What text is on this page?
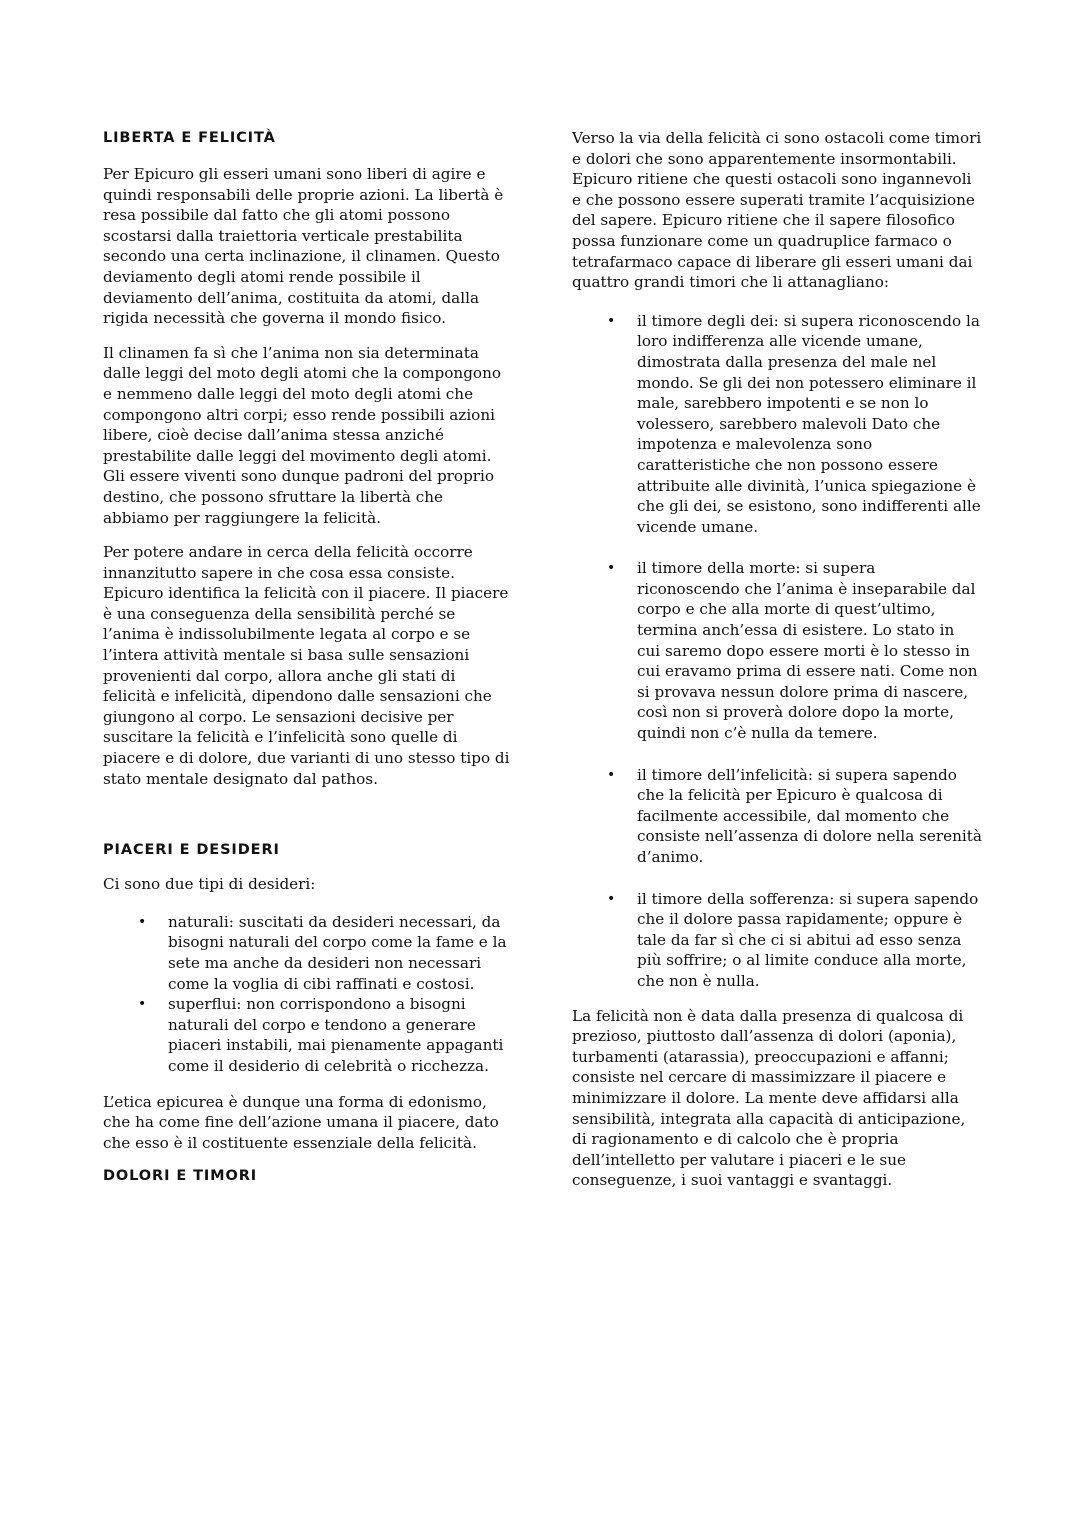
LIBERTA E FELICITÀ

Per Epicuro gli esseri umani sono liberi di agire e quindi responsabili delle proprie azioni. La libertà è resa possibile dal fatto che gli atomi possono scostarsi dalla traiettoria verticale prestabilita secondo una certa inclinazione, il clinamen. Questo deviamento degli atomi rende possibile il deviamento dell’anima, costituita da atomi, dalla rigida necessità che governa il mondo fisico.

Il clinamen fa sì che l’anima non sia determinata dalle leggi del moto degli atomi che la compongono e nemmeno dalle leggi del moto degli atomi che compongono altri corpi; esso rende possibili azioni libere, cioè decise dall’anima stessa anziché prestabilite dalle leggi del movimento degli atomi. Gli essere viventi sono dunque padroni del proprio destino, che possono sfruttare la libertà che abbiamo per raggiungere la felicità.

Per potere andare in cerca della felicità occorre innanzitutto sapere in che cosa essa consiste. Epicuro identifica la felicità con il piacere. Il piacere è una conseguenza della sensibilità perché se l’anima è indissolubilmente legata al corpo e se l’intera attività mentale si basa sulle sensazioni provenienti dal corpo, allora anche gli stati di felicità e infelicità, dipendono dalle sensazioni che giungono al corpo. Le sensazioni decisive per suscitare la felicità e l’infelicità sono quelle di piacere e di dolore, due varianti di uno stesso tipo di stato mentale designato dal pathos.

PIACERI E DESIDERI

Ci sono due tipi di desideri:

• naturali: suscitati da desideri necessari, da bisogni naturali del corpo come la fame e la sete ma anche da desideri non necessari come la voglia di cibi raffinati e costosi.
• superflui: non corrispondono a bisogni naturali del corpo e tendono a generare piaceri instabili, mai pienamente appaganti come il desiderio di celebrità o ricchezza.

L’etica epicurea è dunque una forma di edonismo, che ha come fine dell’azione umana il piacere, dato che esso è il costituente essenziale della felicità.

DOLORI E TIMORI

Verso la via della felicità ci sono ostacoli come timori e dolori che sono apparentemente insormontabili. Epicuro ritiene che questi ostacoli sono ingannevoli e che possono essere superati tramite l’acquisizione del sapere. Epicuro ritiene che il sapere filosofico possa funzionare come un quadruplice farmaco o tetrafarmaco capace di liberare gli esseri umani dai quattro grandi timori che li attanagliano:

• il timore degli dei: si supera riconoscendo la loro indifferenza alle vicende umane, dimostrata dalla presenza del male nel mondo. Se gli dei non potessero eliminare il male, sarebbero impotenti e se non lo volessero, sarebbero malevoli Dato che impotenza e malevolenza sono caratteristiche che non possono essere attribuite alle divinità, l’unica spiegazione è che gli dei, se esistono, sono indifferenti alle vicende umane.
• il timore della morte: si supera riconoscendo che l’anima è inseparabile dal corpo e che alla morte di quest’ultimo, termina anch’essa di esistere. Lo stato in cui saremo dopo essere morti è lo stesso in cui eravamo prima di essere nati. Come non si provava nessun dolore prima di nascere, così non si proverà dolore dopo la morte, quindi non c’è nulla da temere.
• il timore dell’infelicità: si supera sapendo che la felicità per Epicuro è qualcosa di facilmente accessibile, dal momento che consiste nell’assenza di dolore nella serenità d’animo.
• il timore della sofferenza: si supera sapendo che il dolore passa rapidamente; oppure è tale da far sì che ci si abitui ad esso senza più soffrire; o al limite conduce alla morte, che non è nulla.

La felicità non è data dalla presenza di qualcosa di prezioso, piuttosto dall’assenza di dolori (aponia), turbamenti (atarassia), preoccupazioni e affanni; consiste nel cercare di massimizzare il piacere e minimizzare il dolore. La mente deve affidarsi alla sensibilità, integrata alla capacità di anticipazione, di ragionamento e di calcolo che è propria dell’intelletto per valutare i piaceri e le sue conseguenze, i suoi vantaggi e svantaggi.
